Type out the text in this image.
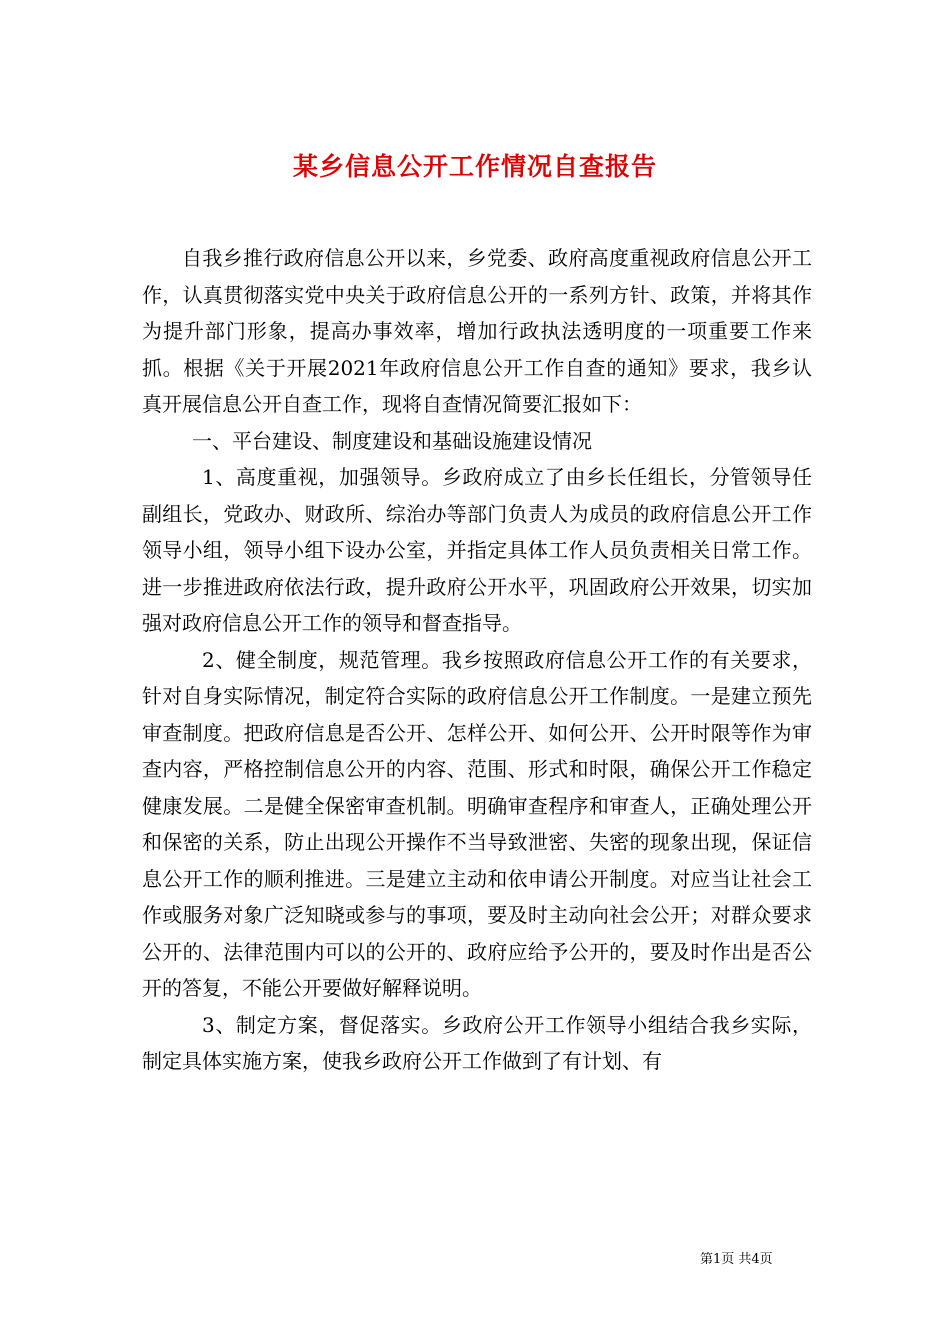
某乡信息公开工作情况自查报告

自我乡推行政府信息公开以来，乡党委、政府高度重视政府信息公开工作，认真贯彻落实党中央关于政府信息公开的一系列方针、政策，并将其作为提升部门形象，提高办事效率，增加行政执法透明度的一项重要工作来抓。根据《关于开展2021年政府信息公开工作自查的通知》要求，我乡认真开展信息公开自查工作，现将自查情况简要汇报如下：

一、平台建设、制度建设和基础设施建设情况

1、高度重视，加强领导。乡政府成立了由乡长任组长，分管领导任副组长，党政办、财政所、综治办等部门负责人为成员的政府信息公开工作领导小组，领导小组下设办公室，并指定具体工作人员负责相关日常工作。进一步推进政府依法行政，提升政府公开水平，巩固政府公开效果，切实加强对政府信息公开工作的领导和督查指导。

2、健全制度，规范管理。我乡按照政府信息公开工作的有关要求，针对自身实际情况，制定符合实际的政府信息公开工作制度。一是建立预先审查制度。把政府信息是否公开、怎样公开、如何公开、公开时限等作为审查内容，严格控制信息公开的内容、范围、形式和时限，确保公开工作稳定健康发展。二是健全保密审查机制。明确审查程序和审查人，正确处理公开和保密的关系，防止出现公开操作不当导致泄密、失密的现象出现，保证信息公开工作的顺利推进。三是建立主动和依申请公开制度。对应当让社会工作或服务对象广泛知晓或参与的事项，要及时主动向社会公开；对群众要求公开的、法律范围内可以的公开的、政府应给予公开的，要及时作出是否公开的答复，不能公开要做好解释说明。

3、制定方案，督促落实。乡政府公开工作领导小组结合我乡实际，制定具体实施方案，使我乡政府公开工作做到了有计划、有

第1页 共4页
